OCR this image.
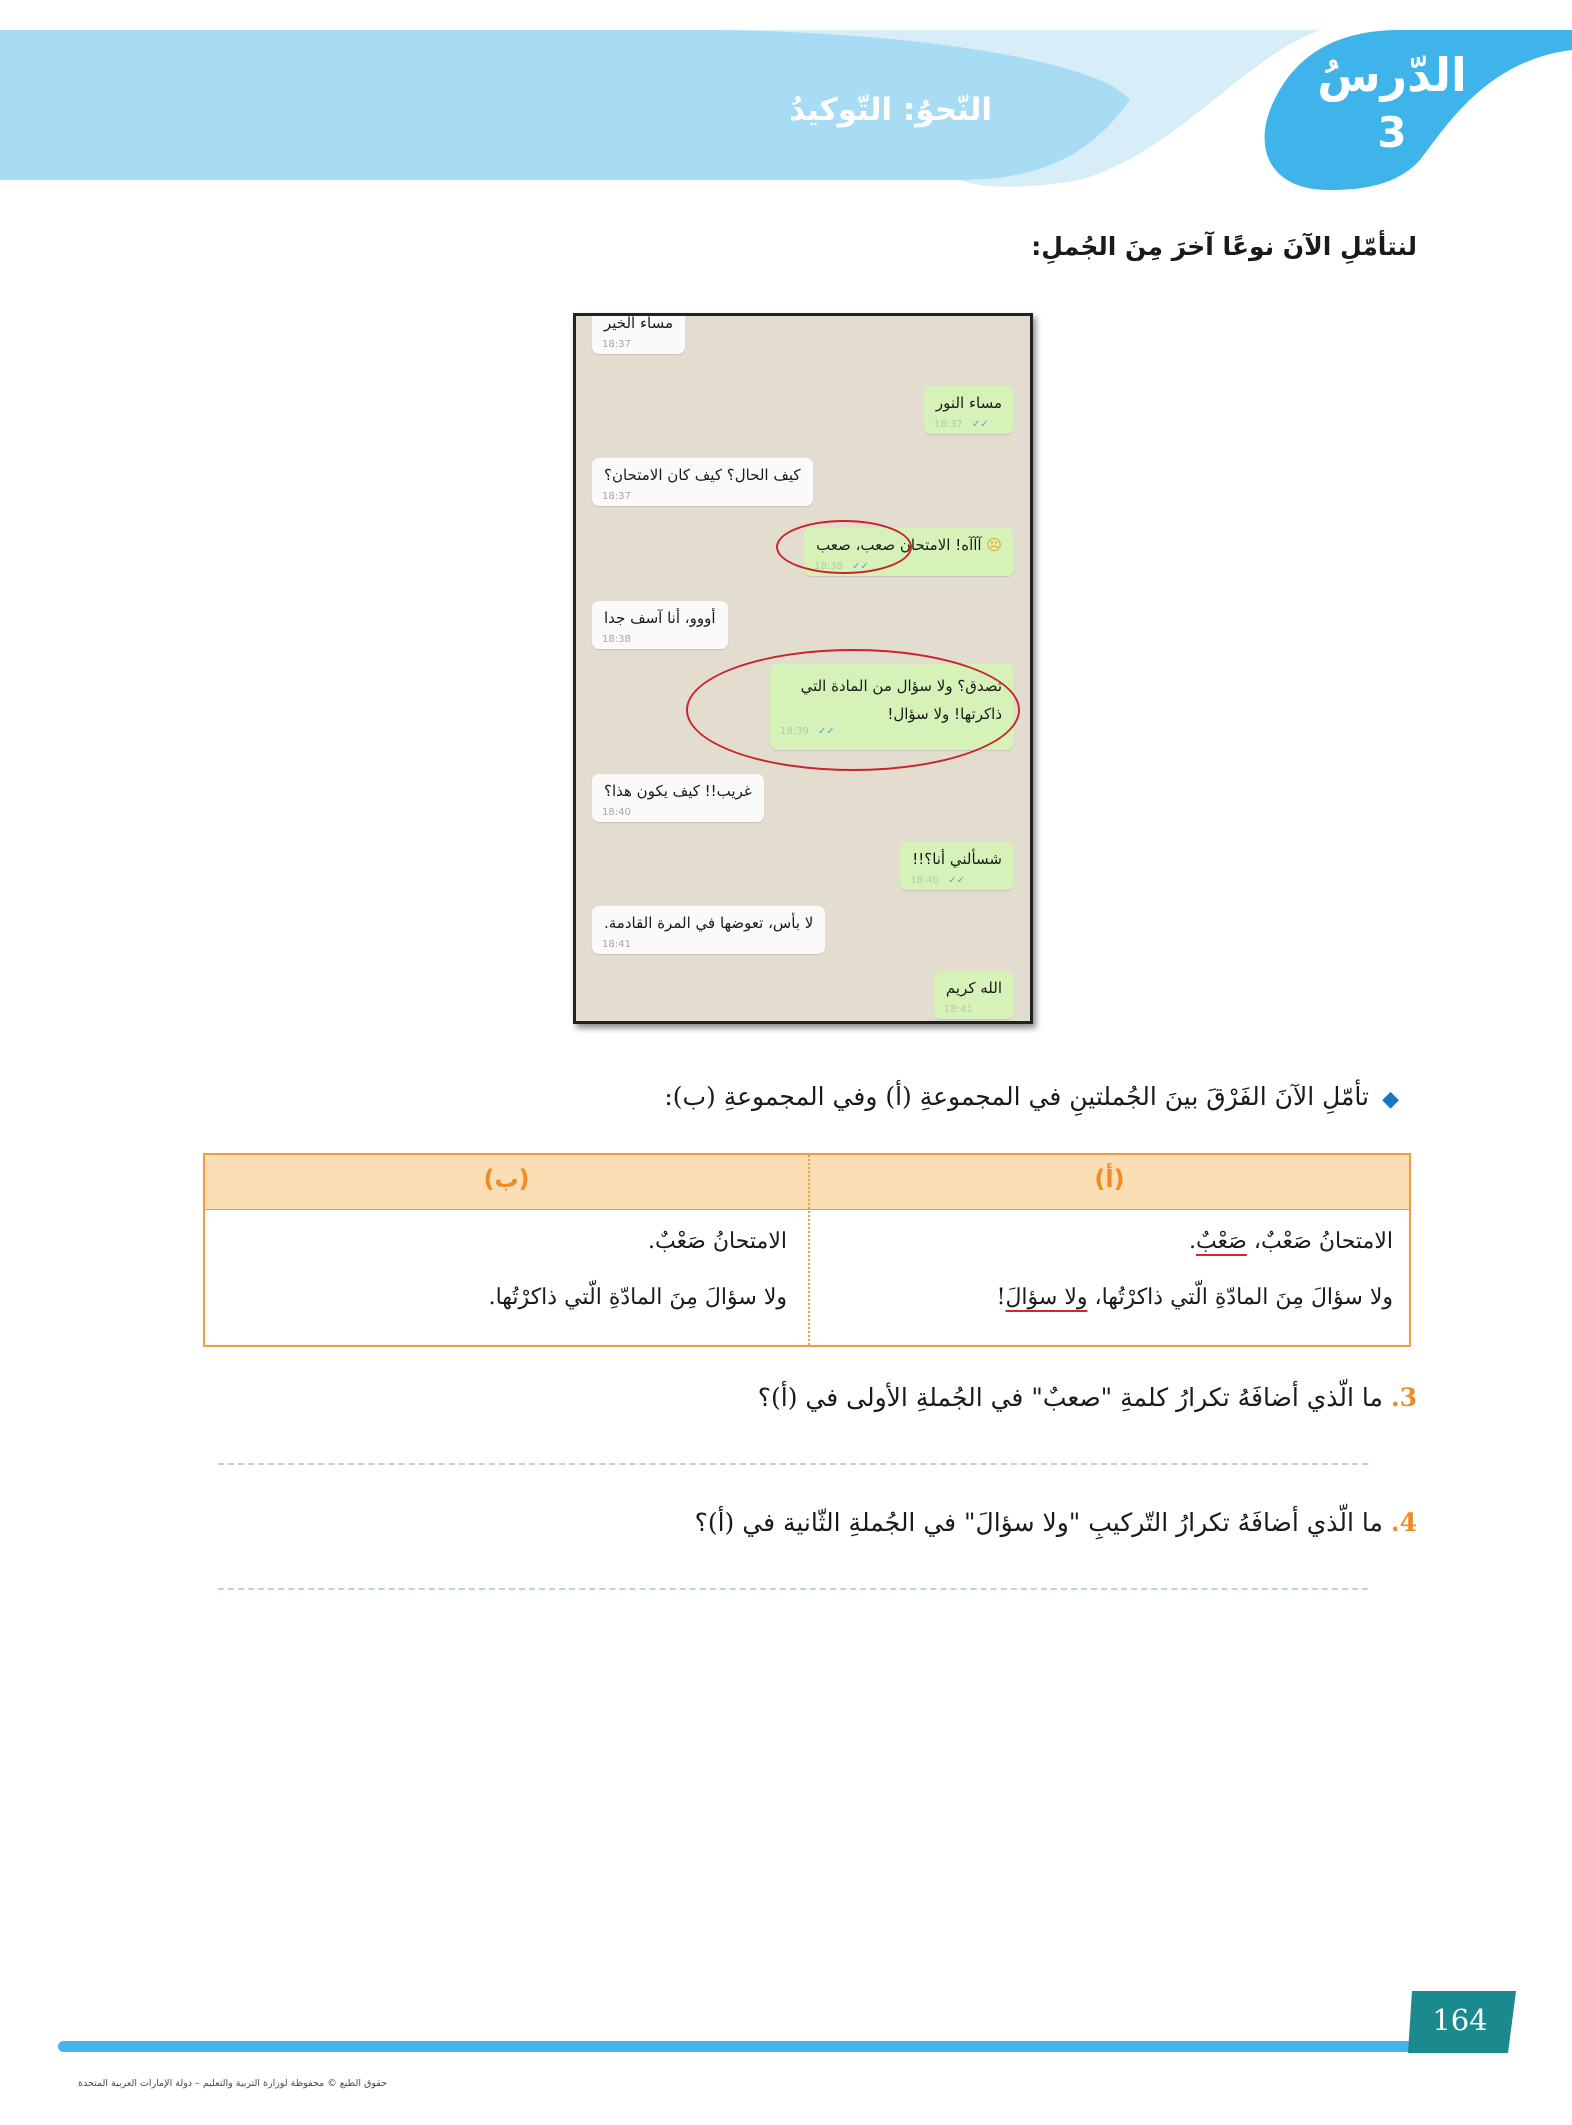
الدّرسُ
3
النّحوُ: التّوكيدُ
لنتأمّلِ الآنَ نوعًا آخرَ مِنَ الجُملِ:
مساء الخير
18:37
مساء النور
18:37 ✓✓
كيف الحال؟ كيف كان الامتحان؟
18:37
☹ آآآه! الامتحان صعب، صعب
18:38 ✓✓
أووو، أنا آسف جدا
18:38
تصدق؟ ولا سؤال من المادة التي ذاكرتها! ولا سؤال!
18:39 ✓✓
غريب!! كيف يكون هذا؟
18:40
شسألني أنا؟!!
18:40 ✓✓
لا بأس، تعوضها في المرة القادمة.
18:41
الله كريم
18:41
◆
تأمّلِ الآنَ الفَرْقَ بينَ الجُملتينِ في المجموعةِ (أ) وفي المجموعةِ (ب):
(أ)
(ب)
الامتحانُ صَعْبٌ، صَعْبٌ.
ولا سؤالَ مِنَ المادّةِ الّتي ذاكرْتُها، ولا سؤالَ!
الامتحانُ صَعْبٌ.
ولا سؤالَ مِنَ المادّةِ الّتي ذاكرْتُها.
3. ما الّذي أضافَهُ تكرارُ كلمةِ "صعبٌ" في الجُملةِ الأولى في (أ)؟
4. ما الّذي أضافَهُ تكرارُ التّركيبِ "ولا سؤالَ" في الجُملةِ الثّانية في (أ)؟
164
حقوق الطبع © محفوظة لوزارة التربية والتعليم – دولة الإمارات العربية المتحدة
